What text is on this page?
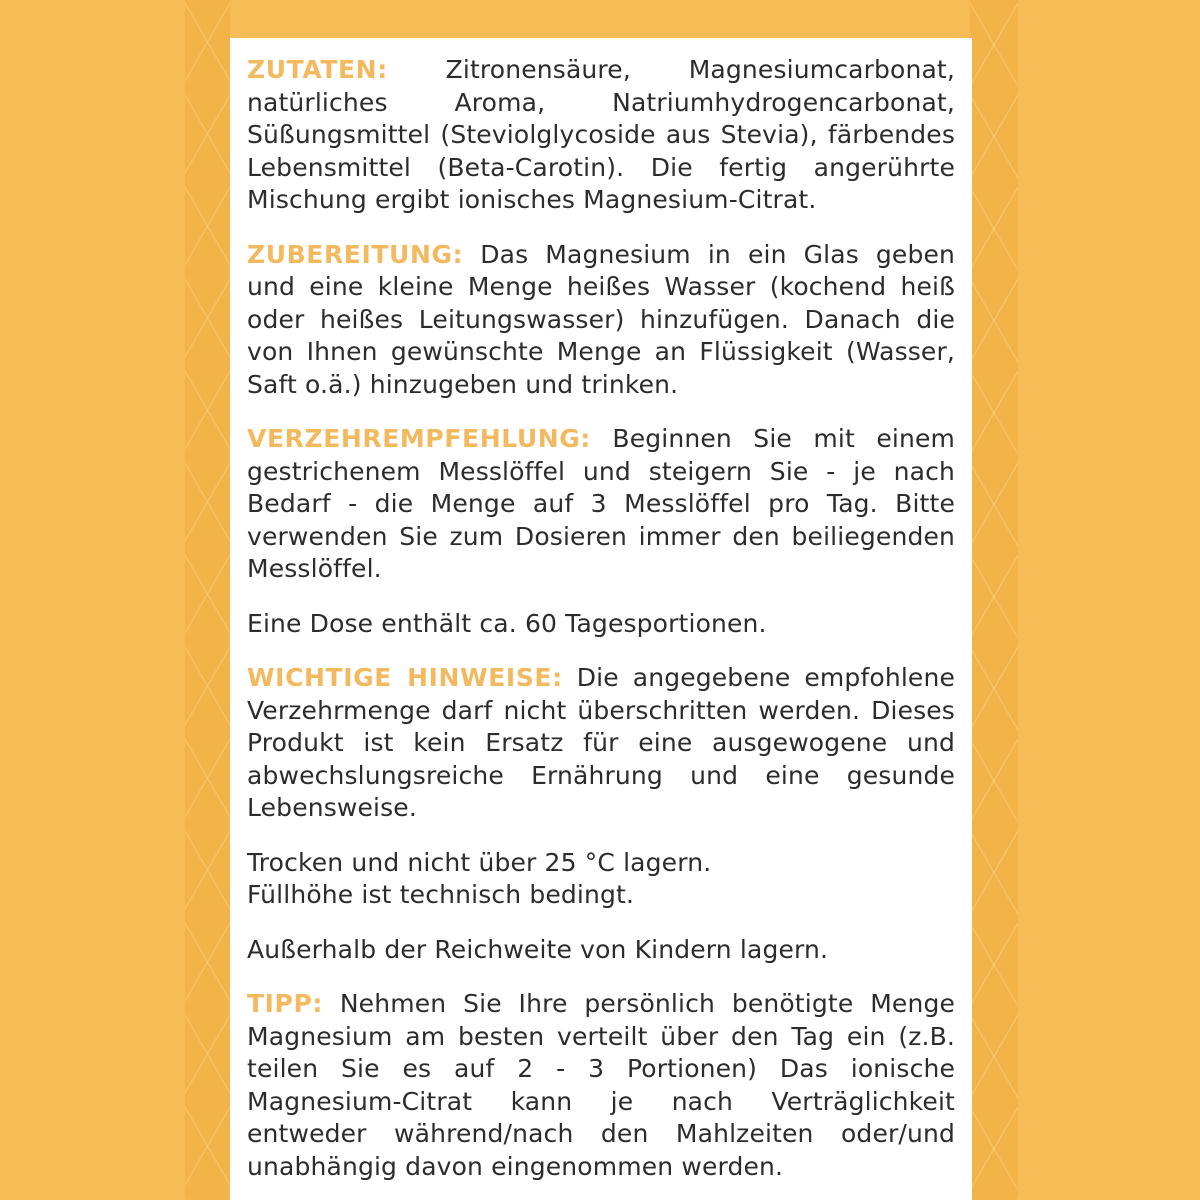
ZUTATEN: Zitronensäure, Magnesiumcarbonat, natürliches Aroma, Natriumhydrogencarbonat, Süßungsmittel (Steviolglycoside aus Stevia), färbendes Lebensmittel (Beta-Carotin). Die fertig angerührte Mischung ergibt ionisches Magnesium-Citrat.

ZUBEREITUNG: Das Magnesium in ein Glas geben und eine kleine Menge heißes Wasser (kochend heiß oder heißes Leitungswasser) hinzufügen. Danach die von Ihnen gewünschte Menge an Flüssigkeit (Wasser, Saft o.ä.) hinzugeben und trinken.

VERZEHREMPFEHLUNG: Beginnen Sie mit einem gestrichenem Messlöffel und steigern Sie - je nach Bedarf - die Menge auf 3 Messlöffel pro Tag. Bitte verwenden Sie zum Dosieren immer den beiliegenden Messlöffel.

Eine Dose enthält ca. 60 Tagesportionen.

WICHTIGE HINWEISE: Die angegebene empfohlene Verzehrmenge darf nicht überschritten werden. Dieses Produkt ist kein Ersatz für eine ausgewogene und abwechslungsreiche Ernährung und eine gesunde Lebensweise.

Trocken und nicht über 25 °C lagern.

Füllhöhe ist technisch bedingt.

Außerhalb der Reichweite von Kindern lagern.

TIPP: Nehmen Sie Ihre persönlich benötigte Menge Magnesium am besten verteilt über den Tag ein (z.B. teilen Sie es auf 2 - 3 Portionen) Das ionische Magnesium-Citrat kann je nach Verträglichkeit entweder während/nach den Mahlzeiten oder/und unabhängig davon eingenommen werden.
